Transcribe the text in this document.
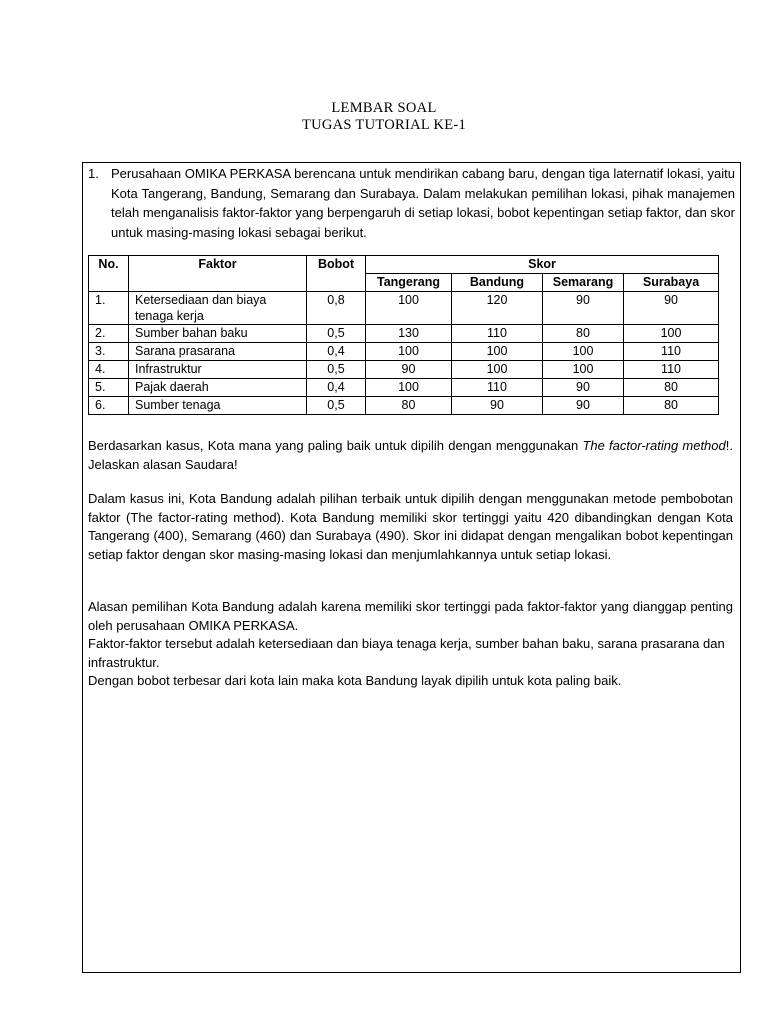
LEMBAR SOAL
TUGAS TUTORIAL KE-1
1. Perusahaan OMIKA PERKASA berencana untuk mendirikan cabang baru, dengan tiga laternatif lokasi, yaitu Kota Tangerang, Bandung, Semarang dan Surabaya. Dalam melakukan pemilihan lokasi, pihak manajemen telah menganalisis faktor-faktor yang berpengaruh di setiap lokasi, bobot kepentingan setiap faktor, dan skor untuk masing-masing lokasi sebagai berikut.
No.	Faktor	Bobot	Skor			
			Tangerang	Bandung	Semarang	Surabaya
1.	Ketersediaan dan biaya tenaga kerja	0,8	100	120	90	90
2.	Sumber bahan baku	0,5	130	110	80	100
3.	Sarana prasarana	0,4	100	100	100	110
4.	Infrastruktur	0,5	90	100	100	110
5.	Pajak daerah	0,4	100	110	90	80
6.	Sumber tenaga	0,5	80	90	90	80
Berdasarkan kasus, Kota mana yang paling baik untuk dipilih dengan menggunakan The factor-rating method!. Jelaskan alasan Saudara!
Dalam kasus ini, Kota Bandung adalah pilihan terbaik untuk dipilih dengan menggunakan metode pembobotan faktor (The factor-rating method). Kota Bandung memiliki skor tertinggi yaitu 420 dibandingkan dengan Kota Tangerang (400), Semarang (460) dan Surabaya (490). Skor ini didapat dengan mengalikan bobot kepentingan setiap faktor dengan skor masing-masing lokasi dan menjumlahkannya untuk setiap lokasi.
Alasan pemilihan Kota Bandung adalah karena memiliki skor tertinggi pada faktor-faktor yang dianggap penting oleh perusahaan OMIKA PERKASA.
Faktor-faktor tersebut adalah ketersediaan dan biaya tenaga kerja, sumber bahan baku, sarana prasarana dan infrastruktur.
Dengan bobot terbesar dari kota lain maka kota Bandung layak dipilih untuk kota paling baik.
